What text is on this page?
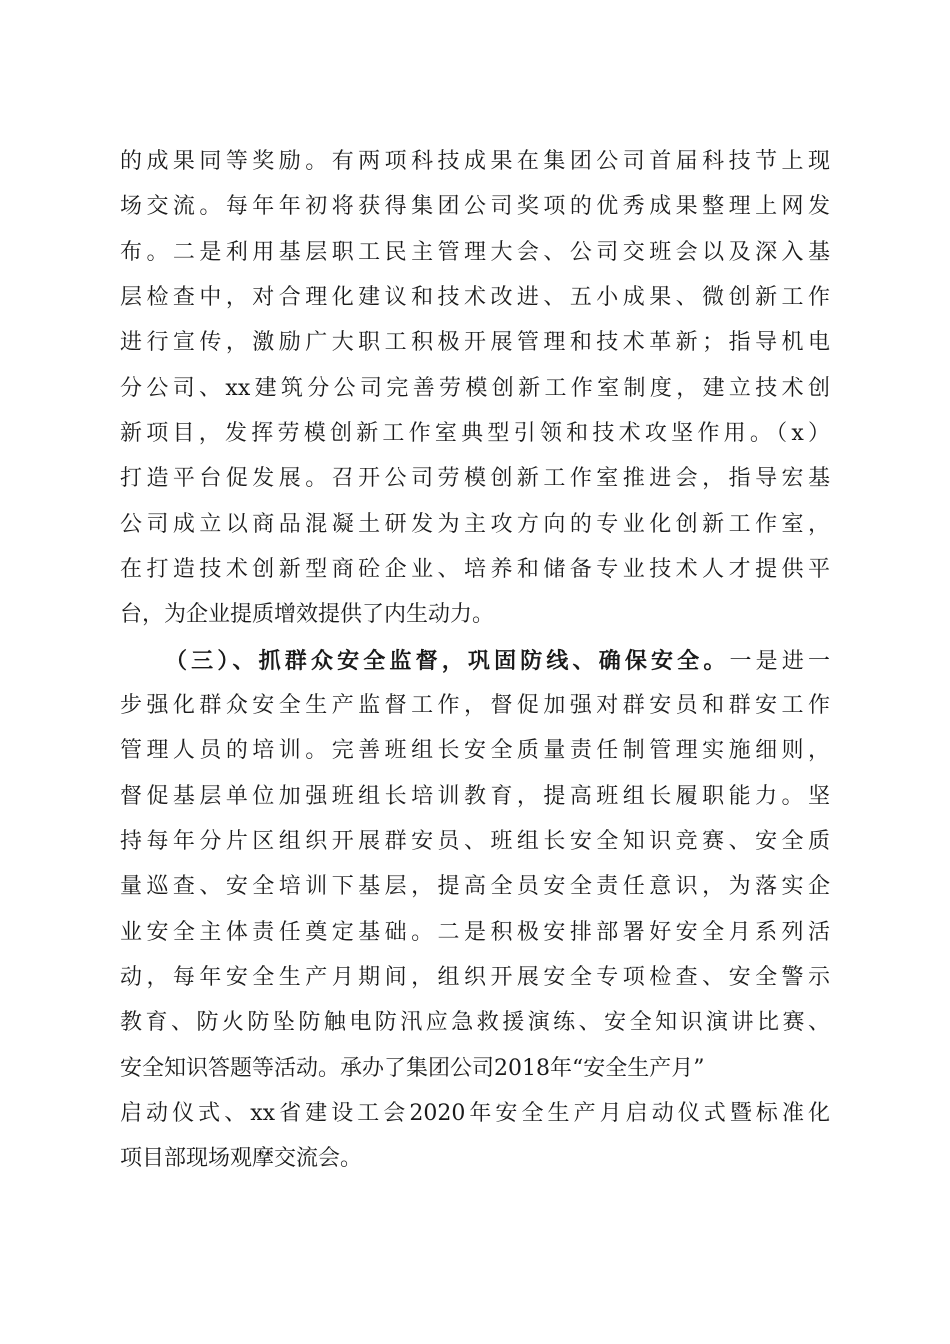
的成果同等奖励。有两项科技成果在集团公司首届科技节上现
场交流。每年年初将获得集团公司奖项的优秀成果整理上网发
布。二是利用基层职工民主管理大会、公司交班会以及深入基
层检查中，对合理化建议和技术改进、五小成果、微创新工作
进行宣传，激励广大职工积极开展管理和技术革新；指导机电
分公司、xx建筑分公司完善劳模创新工作室制度，建立技术创
新项目，发挥劳模创新工作室典型引领和技术攻坚作用。（x）
打造平台促发展。召开公司劳模创新工作室推进会，指导宏基
公司成立以商品混凝土研发为主攻方向的专业化创新工作室，
在打造技术创新型商砼企业、培养和储备专业技术人才提供平
台，为企业提质增效提供了内生动力。
（三）、抓群众安全监督，巩固防线、确保安全。一是进一
步强化群众安全生产监督工作，督促加强对群安员和群安工作
管理人员的培训。完善班组长安全质量责任制管理实施细则，
督促基层单位加强班组长培训教育，提高班组长履职能力。坚
持每年分片区组织开展群安员、班组长安全知识竞赛、安全质
量巡查、安全培训下基层，提高全员安全责任意识，为落实企
业安全主体责任奠定基础。二是积极安排部署好安全月系列活
动，每年安全生产月期间，组织开展安全专项检查、安全警示
教育、防火防坠防触电防汛应急救援演练、安全知识演讲比赛、
安全知识答题等活动。承办了集团公司2018年“安全生产月”
启动仪式、xx省建设工会2020年安全生产月启动仪式暨标准化
项目部现场观摩交流会。
